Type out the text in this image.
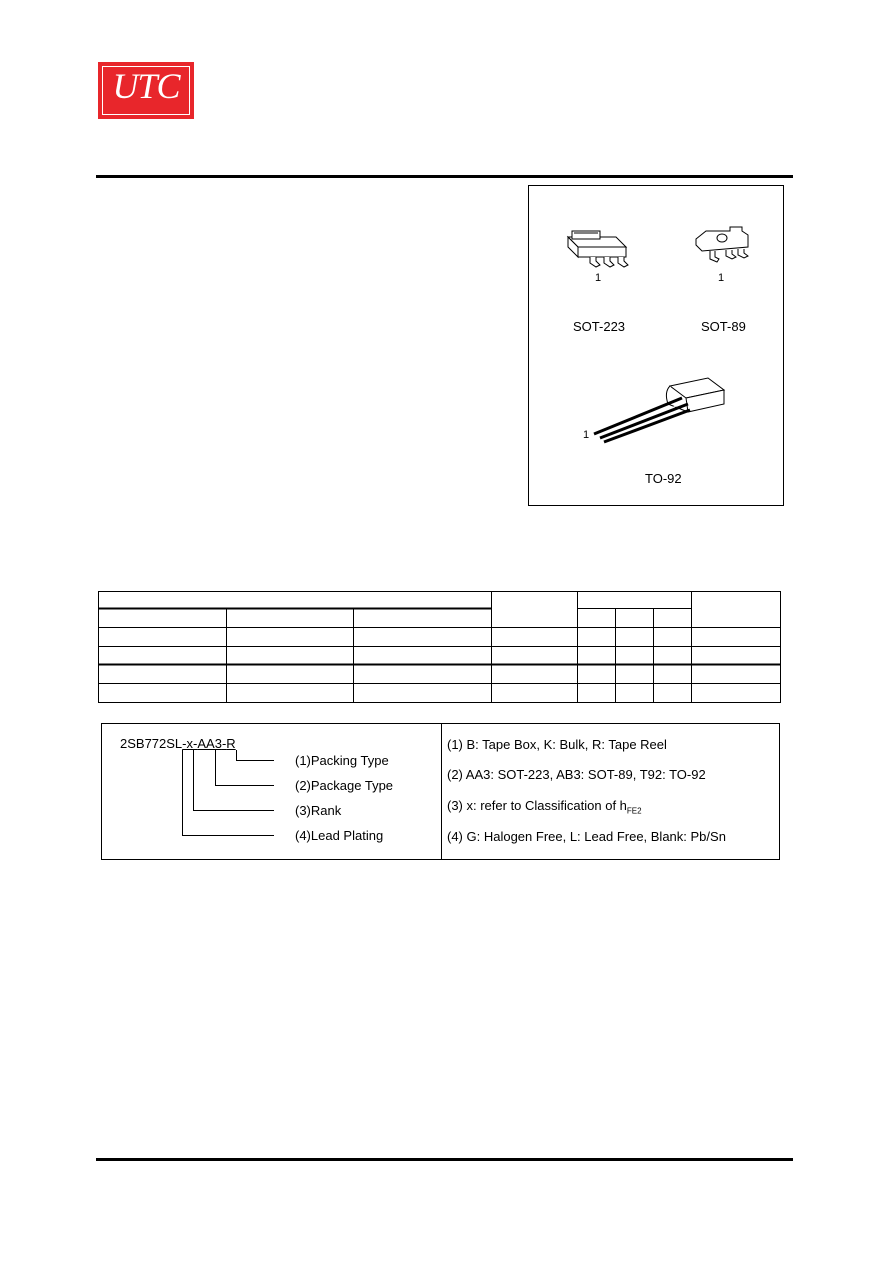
UTC
1
SOT-223
1
SOT-89
1
TO-92
2SB772SL-x-AA3-R
(1)Packing Type
(2)Package Type
(3)Rank
(4)Lead Plating
(1) B: Tape Box, K: Bulk, R: Tape Reel
(2) AA3: SOT-223, AB3: SOT-89, T92: TO-92
(3) x: refer to Classification of $h_{FE2}$
(4) G: Halogen Free, L: Lead Free, Blank: Pb/Sn
